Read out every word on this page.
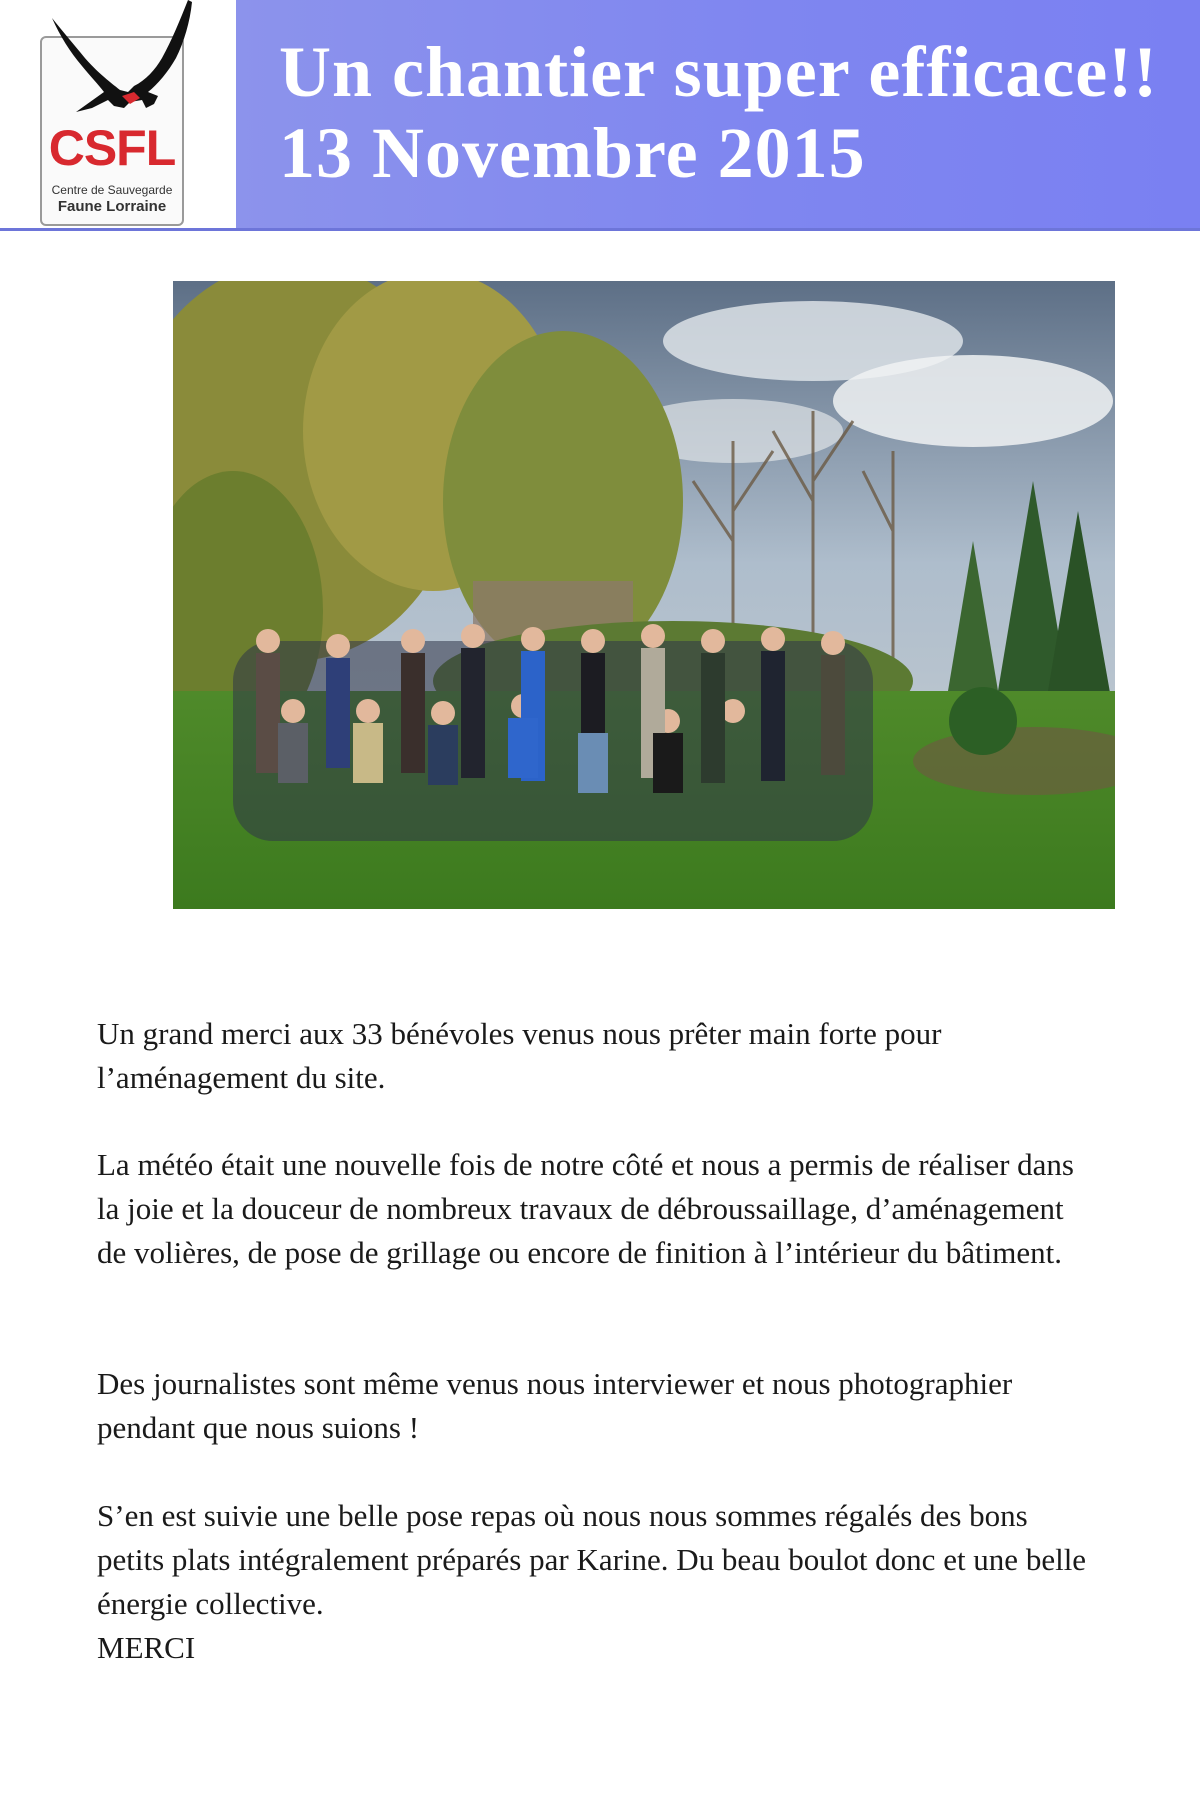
CSFL
Centre de Sauvegarde
Faune Lorraine
Un chantier super efficace!!
13 Novembre 2015
Un grand merci aux 33 bénévoles venus nous prêter main forte pour l’aménagement du site.
La météo était une nouvelle fois de notre côté et nous a permis de réaliser dans la joie et la douceur de nombreux travaux de débroussaillage, d’aménagement de volières, de pose de grillage ou encore de finition à l’intérieur du bâtiment.
Des journalistes sont même venus nous interviewer et nous photographier pendant que nous suions !
S’en est suivie une belle pose repas où nous nous sommes régalés des bons petits plats intégralement préparés par Karine. Du beau boulot donc et une belle énergie collective.
MERCI
